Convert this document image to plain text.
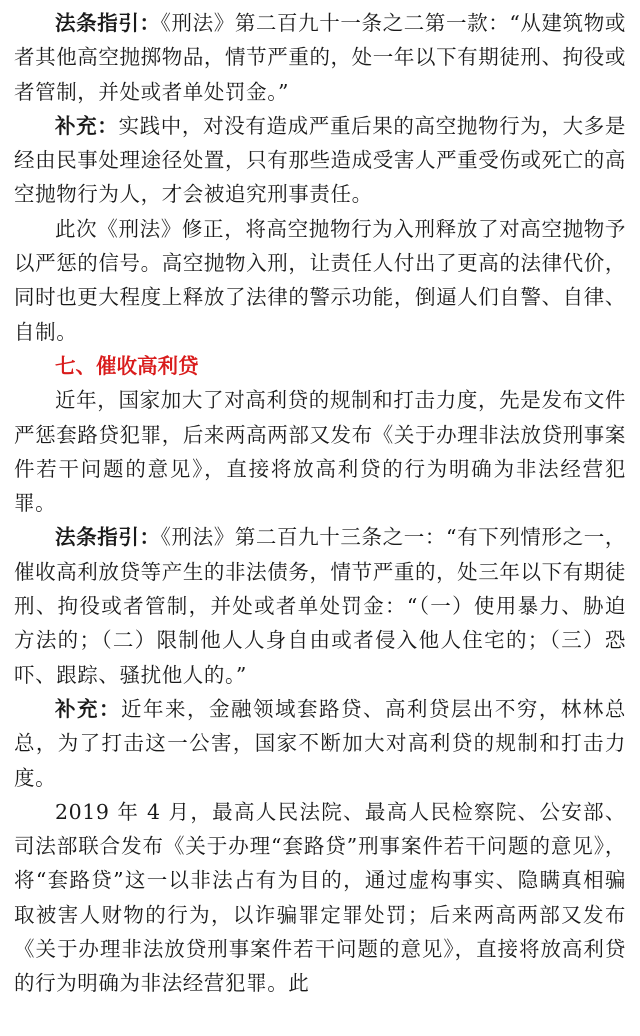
法条指引：《刑法》第二百九十一条之二第一款：“从建筑物或者其他高空抛掷物品，情节严重的，处一年以下有期徒刑、拘役或者管制，并处或者单处罚金。”

补充：实践中，对没有造成严重后果的高空抛物行为，大多是经由民事处理途径处置，只有那些造成受害人严重受伤或死亡的高空抛物行为人，才会被追究刑事责任。

此次《刑法》修正，将高空抛物行为入刑释放了对高空抛物予以严惩的信号。高空抛物入刑，让责任人付出了更高的法律代价，同时也更大程度上释放了法律的警示功能，倒逼人们自警、自律、自制。

七、催收高利贷

近年，国家加大了对高利贷的规制和打击力度，先是发布文件严惩套路贷犯罪，后来两高两部又发布《关于办理非法放贷刑事案件若干问题的意见》，直接将放高利贷的行为明确为非法经营犯罪。

法条指引：《刑法》第二百九十三条之一：“有下列情形之一，催收高利放贷等产生的非法债务，情节严重的，处三年以下有期徒刑、拘役或者管制，并处或者单处罚金：“（一）使用暴力、胁迫方法的；（二）限制他人人身自由或者侵入他人住宅的；（三）恐吓、跟踪、骚扰他人的。”

补充：近年来，金融领域套路贷、高利贷层出不穷，林林总总，为了打击这一公害，国家不断加大对高利贷的规制和打击力度。

2019 年 4 月，最高人民法院、最高人民检察院、公安部、司法部联合发布《关于办理“套路贷”刑事案件若干问题的意见》，将“套路贷”这一以非法占有为目的，通过虚构事实、隐瞒真相骗取被害人财物的行为，以诈骗罪定罪处罚；后来两高两部又发布《关于办理非法放贷刑事案件若干问题的意见》，直接将放高利贷的行为明确为非法经营犯罪。此
